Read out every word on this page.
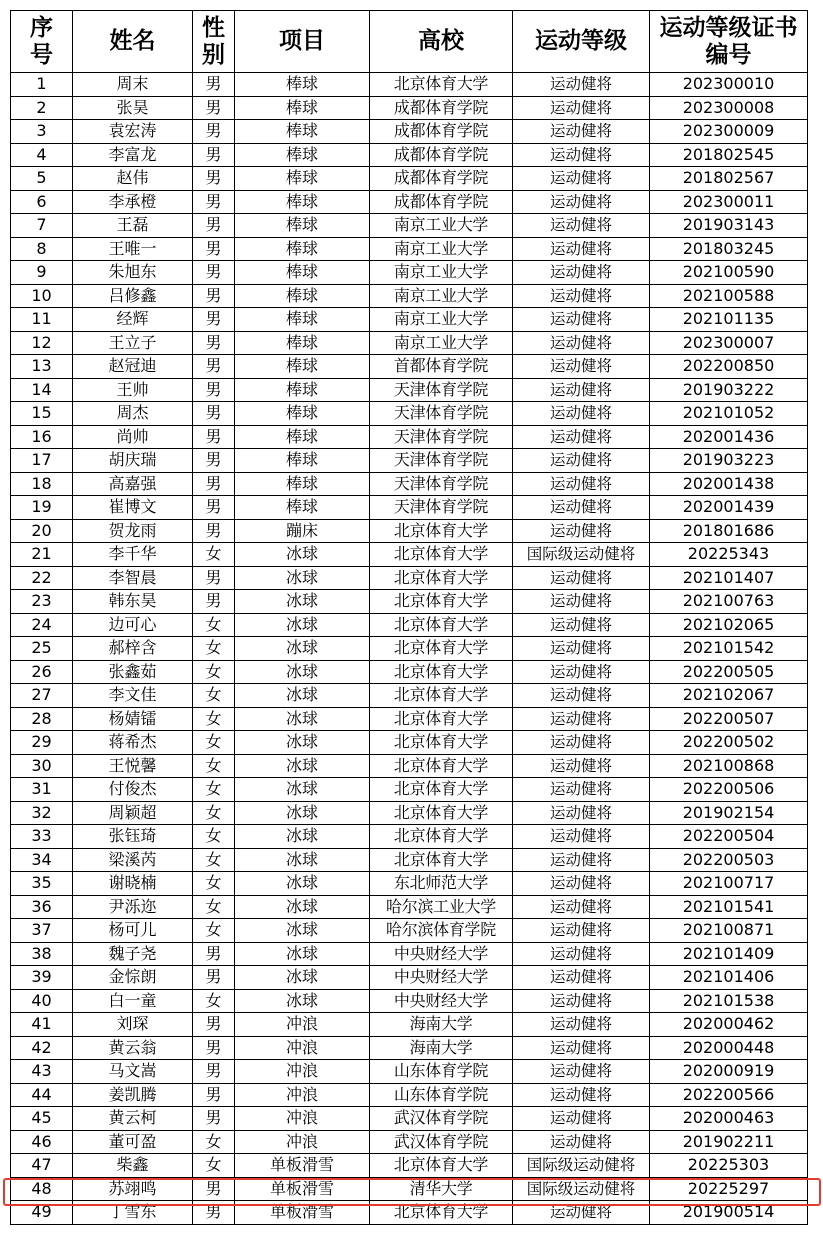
序号	姓名	性别	项目	高校	运动等级	运动等级证书编号
1	周末	男	棒球	北京体育大学	运动健将	202300010
2	张昊	男	棒球	成都体育学院	运动健将	202300008
3	袁宏涛	男	棒球	成都体育学院	运动健将	202300009
4	李富龙	男	棒球	成都体育学院	运动健将	201802545
5	赵伟	男	棒球	成都体育学院	运动健将	201802567
6	李承橙	男	棒球	成都体育学院	运动健将	202300011
7	王磊	男	棒球	南京工业大学	运动健将	201903143
8	王唯一	男	棒球	南京工业大学	运动健将	201803245
9	朱旭东	男	棒球	南京工业大学	运动健将	202100590
10	吕修鑫	男	棒球	南京工业大学	运动健将	202100588
11	经辉	男	棒球	南京工业大学	运动健将	202101135
12	王立子	男	棒球	南京工业大学	运动健将	202300007
13	赵冠迪	男	棒球	首都体育学院	运动健将	202200850
14	王帅	男	棒球	天津体育学院	运动健将	201903222
15	周杰	男	棒球	天津体育学院	运动健将	202101052
16	尚帅	男	棒球	天津体育学院	运动健将	202001436
17	胡庆瑞	男	棒球	天津体育学院	运动健将	201903223
18	高嘉强	男	棒球	天津体育学院	运动健将	202001438
19	崔博文	男	棒球	天津体育学院	运动健将	202001439
20	贺龙雨	男	蹦床	北京体育大学	运动健将	201801686
21	李千华	女	冰球	北京体育大学	国际级运动健将	20225343
22	李智晨	男	冰球	北京体育大学	运动健将	202101407
23	韩东昊	男	冰球	北京体育大学	运动健将	202100763
24	边可心	女	冰球	北京体育大学	运动健将	202102065
25	郝梓含	女	冰球	北京体育大学	运动健将	202101542
26	张鑫茹	女	冰球	北京体育大学	运动健将	202200505
27	李文佳	女	冰球	北京体育大学	运动健将	202102067
28	杨婧镭	女	冰球	北京体育大学	运动健将	202200507
29	蒋希杰	女	冰球	北京体育大学	运动健将	202200502
30	王悦馨	女	冰球	北京体育大学	运动健将	202100868
31	付俊杰	女	冰球	北京体育大学	运动健将	202200506
32	周颖超	女	冰球	北京体育大学	运动健将	201902154
33	张钰琦	女	冰球	北京体育大学	运动健将	202200504
34	梁溪芮	女	冰球	北京体育大学	运动健将	202200503
35	谢晓楠	女	冰球	东北师范大学	运动健将	202100717
36	尹泺迩	女	冰球	哈尔滨工业大学	运动健将	202101541
37	杨可儿	女	冰球	哈尔滨体育学院	运动健将	202100871
38	魏子尧	男	冰球	中央财经大学	运动健将	202101409
39	金悰朗	男	冰球	中央财经大学	运动健将	202101406
40	白一童	女	冰球	中央财经大学	运动健将	202101538
41	刘琛	男	冲浪	海南大学	运动健将	202000462
42	黄云翁	男	冲浪	海南大学	运动健将	202000448
43	马文嵩	男	冲浪	山东体育学院	运动健将	202000919
44	姜凯腾	男	冲浪	山东体育学院	运动健将	202200566
45	黄云柯	男	冲浪	武汉体育学院	运动健将	202000463
46	董可盈	女	冲浪	武汉体育学院	运动健将	201902211
47	柴鑫	女	单板滑雪	北京体育大学	国际级运动健将	20225303
48	苏翊鸣	男	单板滑雪	清华大学	国际级运动健将	20225297
49	丁雪东	男	单板滑雪	北京体育大学	运动健将	201900514
